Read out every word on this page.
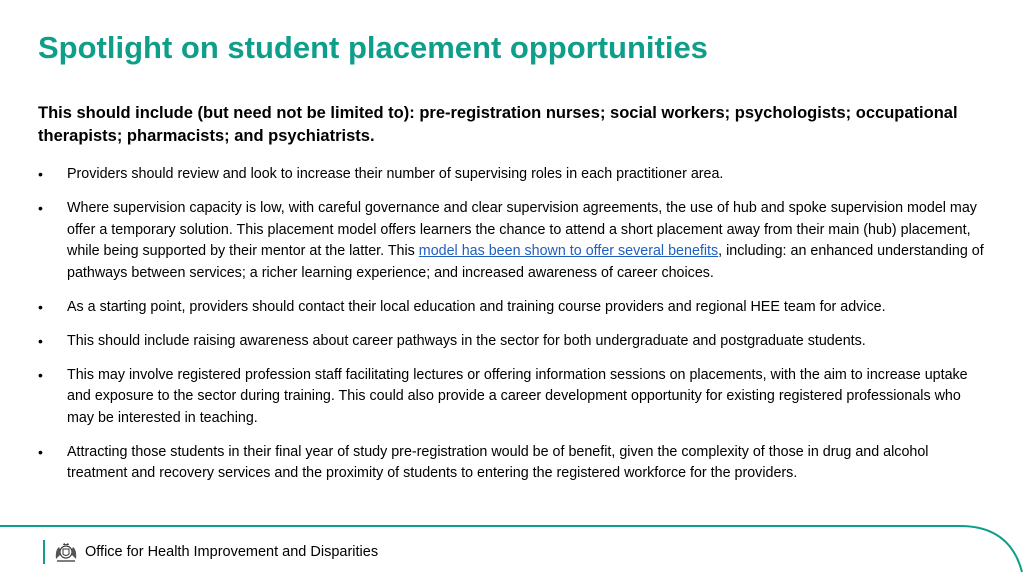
Spotlight on student placement opportunities
This should include (but need not be limited to): pre-registration nurses; social workers; psychologists; occupational therapists; pharmacists; and psychiatrists.
• Providers should review and look to increase their number of supervising roles in each practitioner area.
• Where supervision capacity is low, with careful governance and clear supervision agreements, the use of hub and spoke supervision model may offer a temporary solution. This placement model offers learners the chance to attend a short placement away from their main (hub) placement, while being supported by their mentor at the latter. This model has been shown to offer several benefits, including: an enhanced understanding of pathways between services; a richer learning experience; and increased awareness of career choices.
• As a starting point, providers should contact their local education and training course providers and regional HEE team for advice.
• This should include raising awareness about career pathways in the sector for both undergraduate and postgraduate students.
• This may involve registered profession staff facilitating lectures or offering information sessions on placements, with the aim to increase uptake and exposure to the sector during training. This could also provide a career development opportunity for existing registered professionals who may be interested in teaching.
• Attracting those students in their final year of study pre-registration would be of benefit, given the complexity of those in drug and alcohol treatment and recovery services and the proximity of students to entering the registered workforce for the providers.
Office for Health Improvement and Disparities
